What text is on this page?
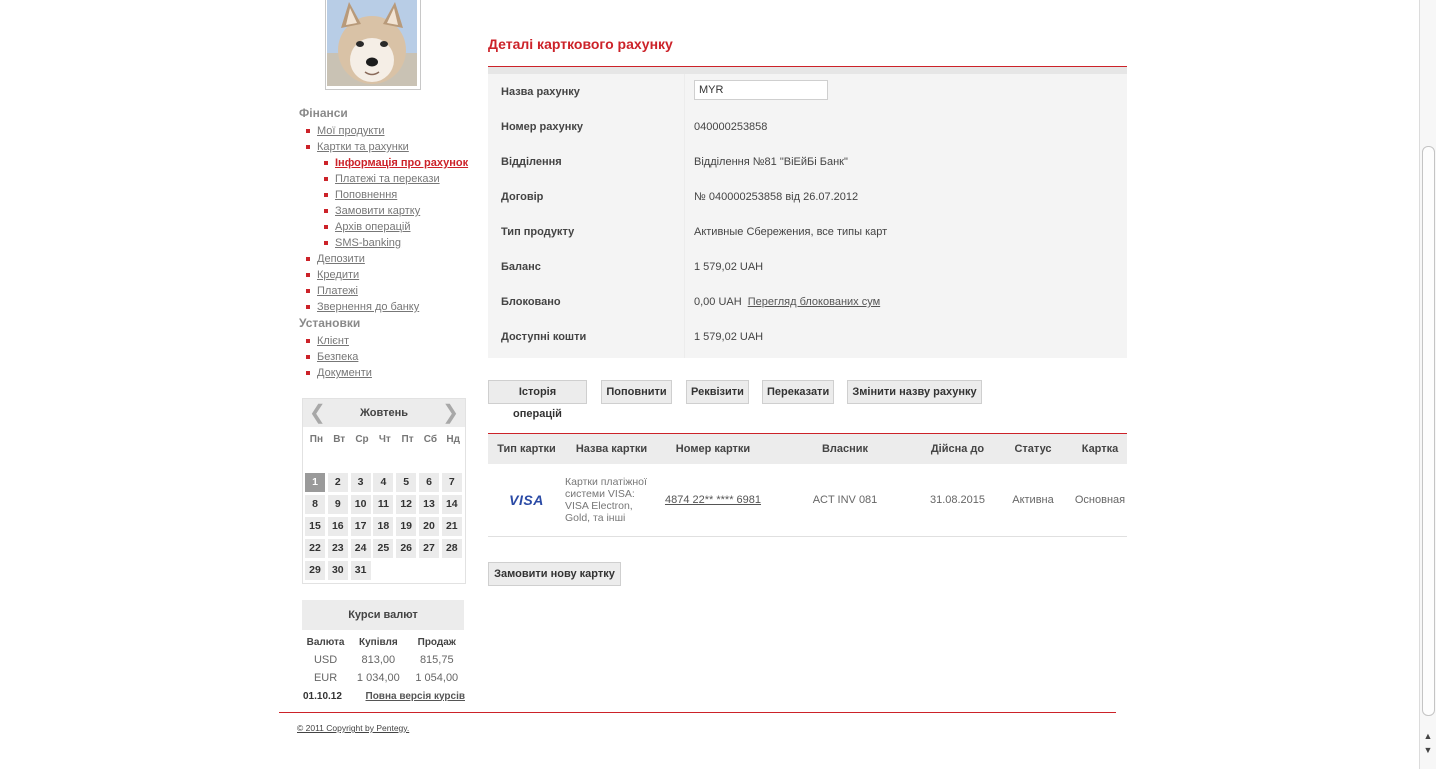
Фінанси
Мої продукти
Картки та рахунки
Інформація про рахунок
Платежі та перекази
Поповнення
Замовити картку
Архів операцій
SMS-banking
Депозити
Кредити
Платежі
Звернення до банку
Установки
Клієнт
Безпека
Документи
❮	Жовтень	❯
Пн	Вт	Ср	Чт	Пт	Сб Нд
1	2	3	4	5	6	7
8	9	10	11	12	13	14
15	16	17	18	19	20	21
22	23	24	25	26	27	28
29	30	31
Курси валют
Валюта	Купівля	Продаж
USD	813,00	815,75
EUR	1 034,00	1 054,00
01.10.12	Повна версія курсів	
Деталі карткового рахунку
Назва рахунку
MYR
Номер рахунку	040000253858
Відділення	Відділення №81 "ВіЕйБі Банк"
Договір	№ 040000253858 від 26.07.2012
Тип продукту	Активные Сбережения, все типы карт
Баланс	1 579,02 UAH
Блоковано	0,00 UAH Перегляд блокованих сум
Доступні кошти	1 579,02 UAH
Історія операцій
Поповнити	Реквізити	Переказати	Змінити назву рахунку
Тип картки	Назва картки	Номер картки	Власник	Дійсна до	Статус	Картка
VISA	Картки платіжної системи VISA: VISA Electron, Gold, та інші	4874 22** **** 6981	ACT INV 081	31.08.2015	Активна	Основная
Замовити нову картку
© 2011 Copyright by Pentegy.
▲
▼
